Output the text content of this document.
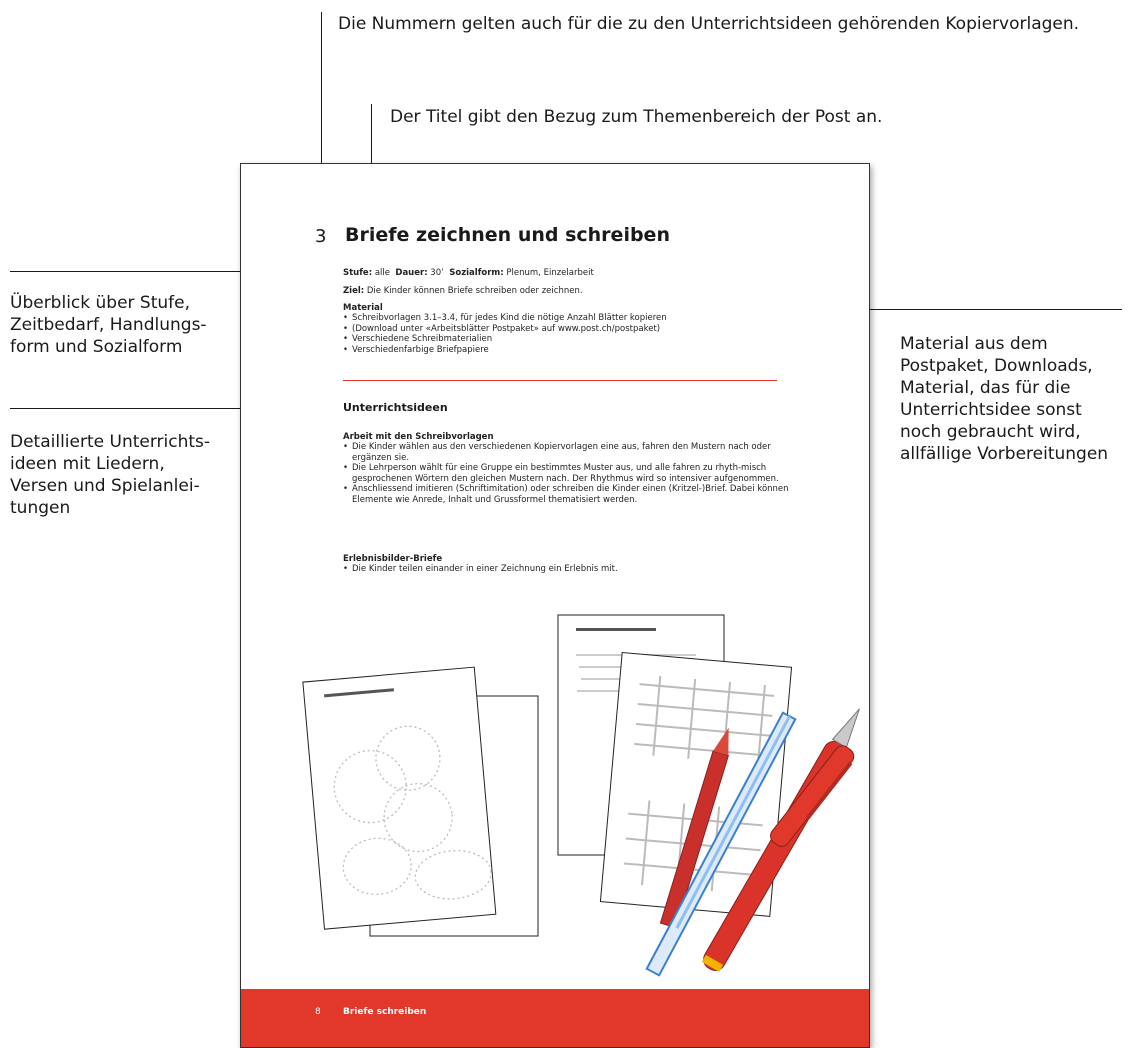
Die Nummern gelten auch für die zu den Unterrichtsideen gehörenden Kopiervorlagen.
Der Titel gibt den Bezug zum Themenbereich der Post an.
Überblick über Stufe,
Zeitbedarf, Handlungs-
form und Sozialform
Detaillierte Unterrichts-
ideen mit Liedern,
Versen und Spielanlei-
tungen
Material aus dem
Postpaket, Downloads,
Material, das für die
Unterrichtsidee sonst
noch gebraucht wird,
allfällige Vorbereitungen
3 Briefe zeichnen und schreiben
Stufe: alle Dauer: 30’ Sozialform: Plenum, Einzelarbeit
Ziel: Die Kinder können Briefe schreiben oder zeichnen.
Material
• Schreibvorlagen 3.1–3.4, für jedes Kind die nötige Anzahl Blätter kopieren
• (Download unter «Arbeitsblätter Postpaket» auf www.post.ch/postpaket)
• Verschiedene Schreibmaterialien
• Verschiedenfarbige Briefpapiere
Unterrichtsideen
Arbeit mit den Schreibvorlagen
• Die Kinder wählen aus den verschiedenen Kopiervorlagen eine aus, fahren den Mustern nach oder ergänzen sie.
• Die Lehrperson wählt für eine Gruppe ein bestimmtes Muster aus, und alle fahren zu rhyth-misch gesprochenen Wörtern den gleichen Mustern nach. Der Rhythmus wird so intensiver aufgenommen.
• Anschliessend imitieren (Schriftimitation) oder schreiben die Kinder einen (Kritzel-)Brief. Dabei können Elemente wie Anrede, Inhalt und Grussformel thematisiert werden.
Erlebnisbilder-Briefe
• Die Kinder teilen einander in einer Zeichnung ein Erlebnis mit.
8 Briefe schreiben
